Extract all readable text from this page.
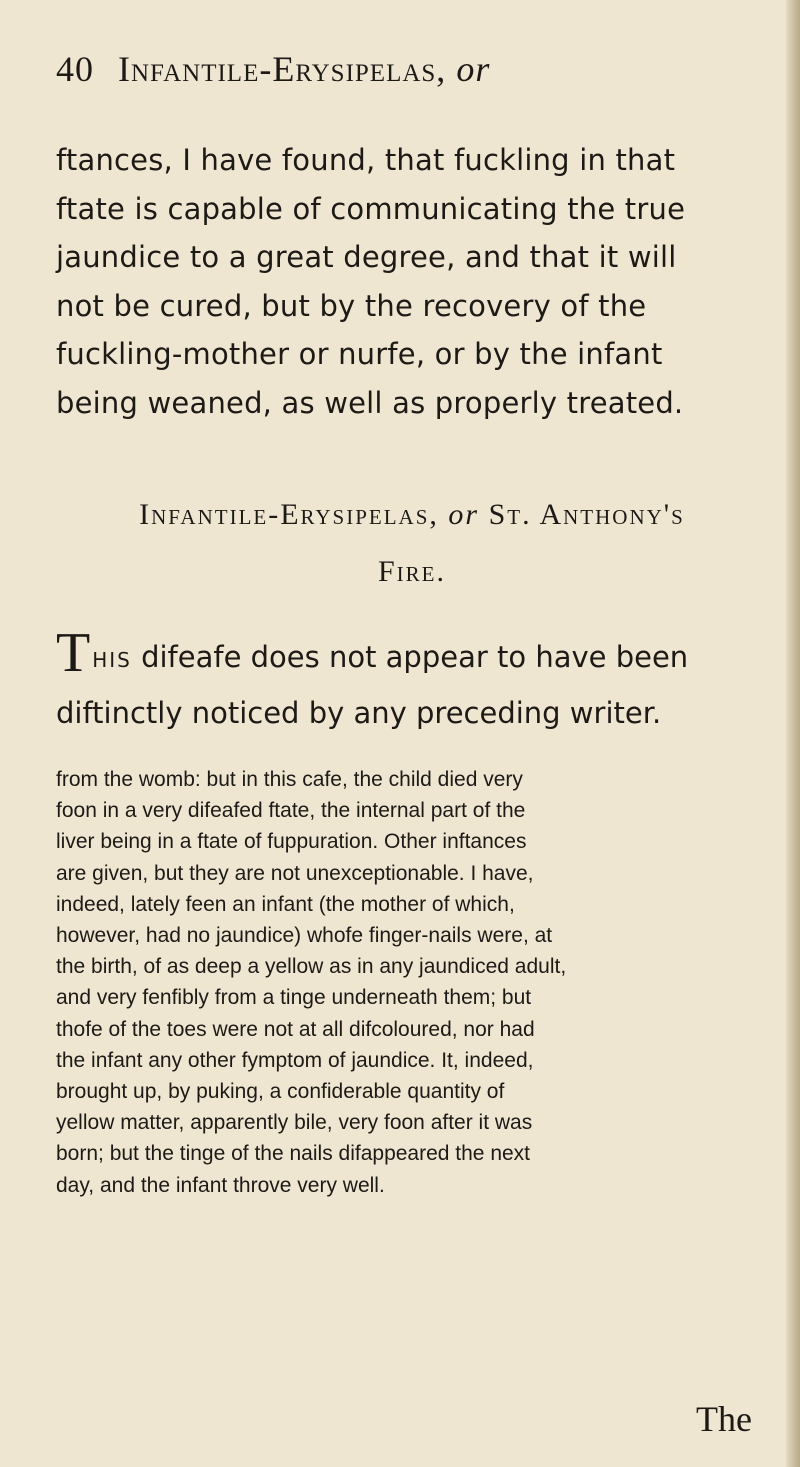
40 Infantile-Erysipelas, or

ftances, I have found, that fuckling in that
ftate is capable of communicating the true
jaundice to a great degree, and that it will
not be cured, but by the recovery of the
fuckling-mother or nurfe, or by the infant
being weaned, as well as properly treated.

Infantile-Erysipelas, or St. Anthony's

Fire.

This difeafe does not appear to have been
diftinctly noticed by any preceding writer.

from the womb: but in this cafe, the child died very
foon in a very difeafed ftate, the internal part of the
liver being in a ftate of fuppuration. Other inftances
are given, but they are not unexceptionable. I have,
indeed, lately feen an infant (the mother of which,
however, had no jaundice) whofe finger-nails were, at
the birth, of as deep a yellow as in any jaundiced adult,
and very fenfibly from a tinge underneath them; but
thofe of the toes were not at all difcoloured, nor had
the infant any other fymptom of jaundice. It, indeed,
brought up, by puking, a confiderable quantity of
yellow matter, apparently bile, very foon after it was
born; but the tinge of the nails difappeared the next
day, and the infant throve very well.

The
